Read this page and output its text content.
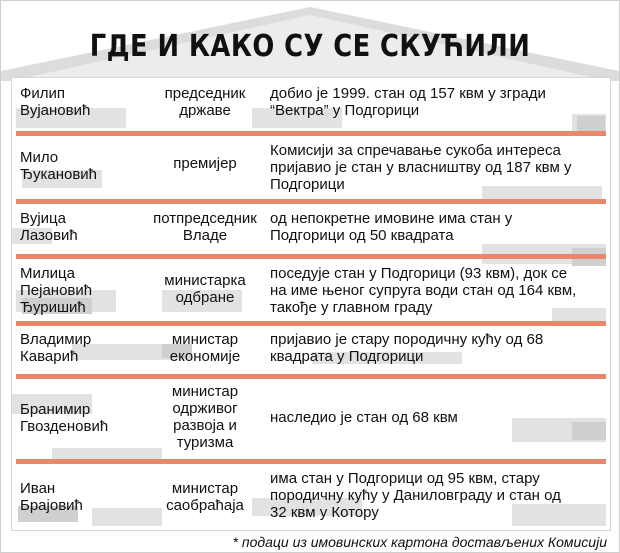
ГДЕ И КАКО СУ СЕ СКУЋИЛИ
Филип
Вујановић
председник
државе
добио је 1999. стан од 157 квм у згради
“Вектра” у Подгорици
Мило
Ђукановић
премијер
Комисији за спречавање сукоба интереса
пријавио је стан у власништву од 187 квм у
Подгорици
Вујица
Лазовић
потпредседник
Владе
од непокретне имовине има стан у
Подгорици од 50 квадрата
Милица
Пејановић
Ђуришић
министарка
одбране
поседује стан у Подгорици (93 квм), док се
на име њеног супруга води стан од 164 квм,
такође у главном граду
Владимир
Каварић
министар
економије
пријавио је стару породичну кућу од 68
квадрата у Подгорици
Бранимир
Гвозденовић
министар
одрживог
развоја и
туризма
наследио је стан од 68 квм
Иван
Брајовић
министар
саобраћаја
има стан у Подгорици од 95 квм, стару
породичну кућу у Даниловграду и стан од
32 квм у Котору
* подаци из имовинских картона достављених Комисији
